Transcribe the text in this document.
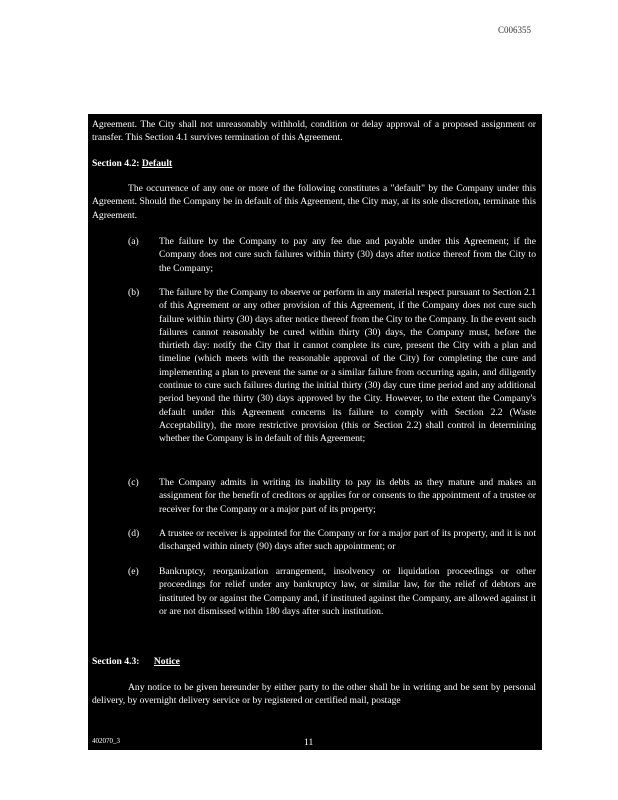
C006355
Agreement. The City shall not unreasonably withhold, condition or delay approval of a proposed assignment or transfer. This Section 4.1 survives termination of this Agreement.
Section 4.2: Default
The occurrence of any one or more of the following constitutes a "default" by the Company under this Agreement. Should the Company be in default of this Agreement, the City may, at its sole discretion, terminate this Agreement.
(a) The failure by the Company to pay any fee due and payable under this Agreement; if the Company does not cure such failures within thirty (30) days after notice thereof from the City to the Company;
(b) The failure by the Company to observe or perform in any material respect pursuant to Section 2.1 of this Agreement or any other provision of this Agreement, if the Company does not cure such failure within thirty (30) days after notice thereof from the City to the Company. In the event such failures cannot reasonably be cured within thirty (30) days, the Company must, before the thirtieth day: notify the City that it cannot complete its cure, present the City with a plan and timeline (which meets with the reasonable approval of the City) for completing the cure and implementing a plan to prevent the same or a similar failure from occurring again, and diligently continue to cure such failures during the initial thirty (30) day cure time period and any additional period beyond the thirty (30) days approved by the City. However, to the extent the Company's default under this Agreement concerns its failure to comply with Section 2.2 (Waste Acceptability), the more restrictive provision (this or Section 2.2) shall control in determining whether the Company is in default of this Agreement;
(c) The Company admits in writing its inability to pay its debts as they mature and makes an assignment for the benefit of creditors or applies for or consents to the appointment of a trustee or receiver for the Company or a major part of its property;
(d) A trustee or receiver is appointed for the Company or for a major part of its property, and it is not discharged within ninety (90) days after such appointment; or
(e) Bankruptcy, reorganization arrangement, insolvency or liquidation proceedings or other proceedings for relief under any bankruptcy law, or similar law, for the relief of debtors are instituted by or against the Company and, if instituted against the Company, are allowed against it or are not dismissed within 180 days after such institution.
Section 4.3: Notice
Any notice to be given hereunder by either party to the other shall be in writing and be sent by personal delivery, by overnight delivery service or by registered or certified mail, postage
402070_3	11
